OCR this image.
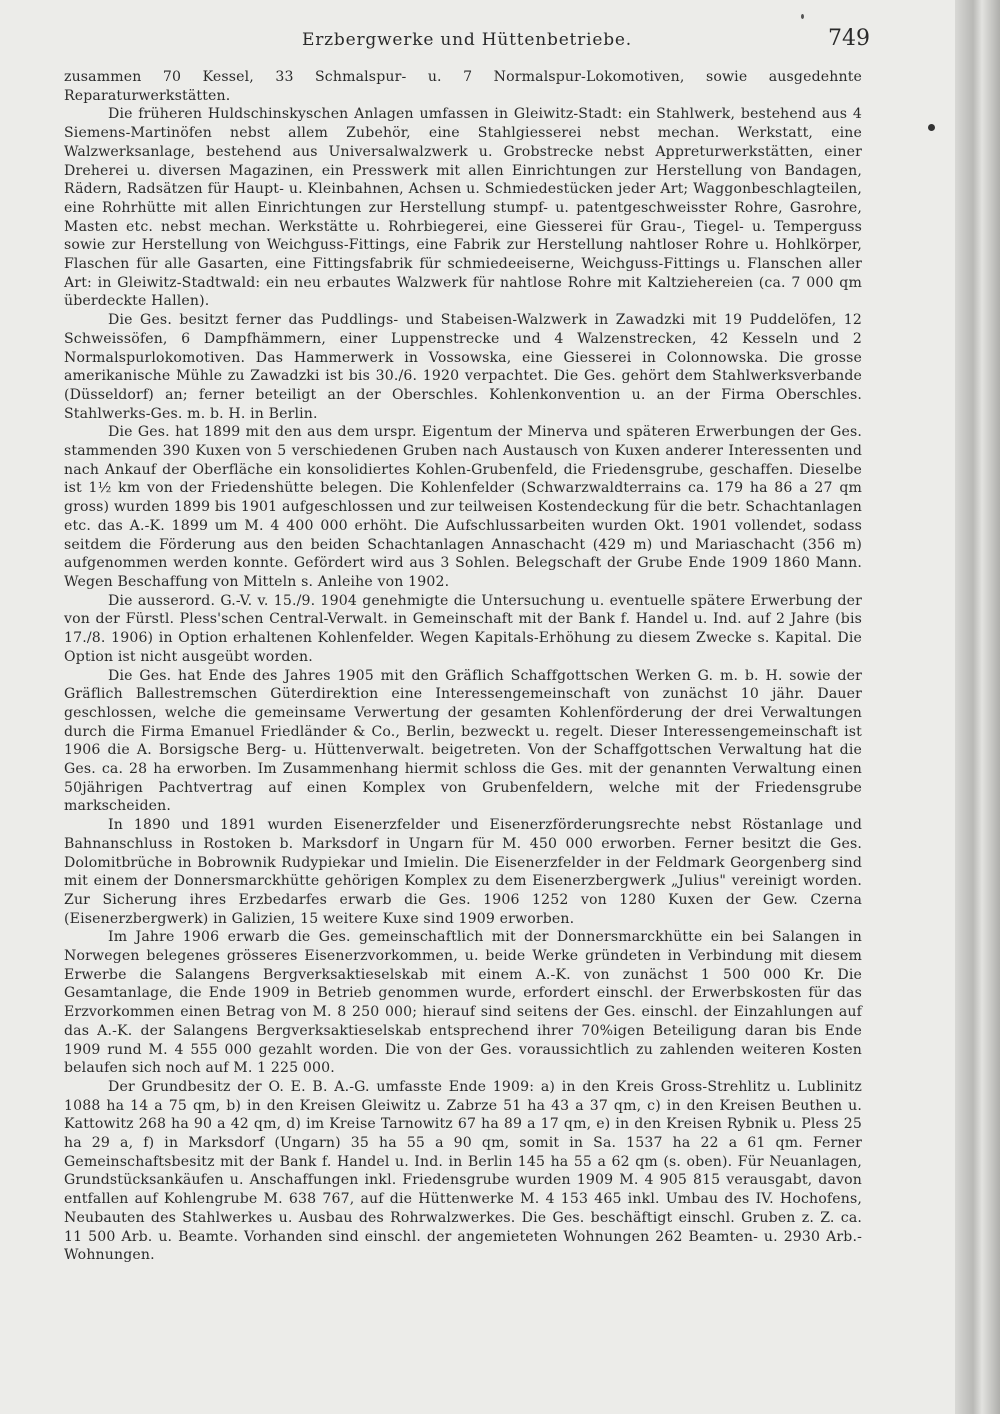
Erzbergwerke und Hüttenbetriebe.	749

zusammen 70 Kessel, 33 Schmalspur- u. 7 Normalspur-Lokomotiven, sowie ausgedehnte Reparaturwerkstätten.

Die früheren Huldschinskyschen Anlagen umfassen in Gleiwitz-Stadt: ein Stahlwerk, bestehend aus 4 Siemens-Martinöfen nebst allem Zubehör, eine Stahlgiesserei nebst mechan. Werkstatt, eine Walzwerksanlage, bestehend aus Universalwalzwerk u. Grobstrecke nebst Appreturwerkstätten, einer Dreherei u. diversen Magazinen, ein Presswerk mit allen Einrichtungen zur Herstellung von Bandagen, Rädern, Radsätzen für Haupt- u. Kleinbahnen, Achsen u. Schmiedestücken jeder Art; Waggonbeschlagteilen, eine Rohrhütte mit allen Einrichtungen zur Herstellung stumpf- u. patentgeschweisster Rohre, Gasrohre, Masten etc. nebst mechan. Werkstätte u. Rohrbiegerei, eine Giesserei für Grau-, Tiegel- u. Temperguss sowie zur Herstellung von Weichguss-Fittings, eine Fabrik zur Herstellung nahtloser Rohre u. Hohlkörper, Flaschen für alle Gasarten, eine Fittingsfabrik für schmiedeeiserne, Weichguss-Fittings u. Flanschen aller Art: in Gleiwitz-Stadtwald: ein neu erbautes Walzwerk für nahtlose Rohre mit Kaltziehereien (ca. 7 000 qm überdeckte Hallen).

Die Ges. besitzt ferner das Puddlings- und Stabeisen-Walzwerk in Zawadzki mit 19 Puddelöfen, 12 Schweissöfen, 6 Dampfhämmern, einer Luppenstrecke und 4 Walzenstrecken, 42 Kesseln und 2 Normalspurlokomotiven. Das Hammerwerk in Vossowska, eine Giesserei in Colonnowska. Die grosse amerikanische Mühle zu Zawadzki ist bis 30./6. 1920 verpachtet. Die Ges. gehört dem Stahlwerksverbande (Düsseldorf) an; ferner beteiligt an der Oberschles. Kohlenkonvention u. an der Firma Oberschles. Stahlwerks-Ges. m. b. H. in Berlin.

Die Ges. hat 1899 mit den aus dem urspr. Eigentum der Minerva und späteren Erwerbungen der Ges. stammenden 390 Kuxen von 5 verschiedenen Gruben nach Austausch von Kuxen anderer Interessenten und nach Ankauf der Oberfläche ein konsolidiertes Kohlen-Grubenfeld, die Friedensgrube, geschaffen. Dieselbe ist 1½ km von der Friedenshütte belegen. Die Kohlenfelder (Schwarzwaldterrains ca. 179 ha 86 a 27 qm gross) wurden 1899 bis 1901 aufgeschlossen und zur teilweisen Kostendeckung für die betr. Schachtanlagen etc. das A.-K. 1899 um M. 4 400 000 erhöht. Die Aufschlussarbeiten wurden Okt. 1901 vollendet, sodass seitdem die Förderung aus den beiden Schachtanlagen Annaschacht (429 m) und Mariaschacht (356 m) aufgenommen werden konnte. Gefördert wird aus 3 Sohlen. Belegschaft der Grube Ende 1909 1860 Mann. Wegen Beschaffung von Mitteln s. Anleihe von 1902.

Die ausserord. G.-V. v. 15./9. 1904 genehmigte die Untersuchung u. eventuelle spätere Erwerbung der von der Fürstl. Pless'schen Central-Verwalt. in Gemeinschaft mit der Bank f. Handel u. Ind. auf 2 Jahre (bis 17./8. 1906) in Option erhaltenen Kohlenfelder. Wegen Kapitals-Erhöhung zu diesem Zwecke s. Kapital. Die Option ist nicht ausgeübt worden.

Die Ges. hat Ende des Jahres 1905 mit den Gräflich Schaffgottschen Werken G. m. b. H. sowie der Gräflich Ballestremschen Güterdirektion eine Interessengemeinschaft von zunächst 10 jähr. Dauer geschlossen, welche die gemeinsame Verwertung der gesamten Kohlenförderung der drei Verwaltungen durch die Firma Emanuel Friedländer & Co., Berlin, bezweckt u. regelt. Dieser Interessengemeinschaft ist 1906 die A. Borsigsche Berg- u. Hüttenverwalt. beigetreten. Von der Schaffgottschen Verwaltung hat die Ges. ca. 28 ha erworben. Im Zusammenhang hiermit schloss die Ges. mit der genannten Verwaltung einen 50jährigen Pachtvertrag auf einen Komplex von Grubenfeldern, welche mit der Friedensgrube markscheiden.

In 1890 und 1891 wurden Eisenerzfelder und Eisenerzförderungsrechte nebst Röstanlage und Bahnanschluss in Rostoken b. Marksdorf in Ungarn für M. 450 000 erworben. Ferner besitzt die Ges. Dolomitbrüche in Bobrownik Rudypiekar und Imielin. Die Eisenerzfelder in der Feldmark Georgenberg sind mit einem der Donnersmarckhütte gehörigen Komplex zu dem Eisenerzbergwerk „Julius" vereinigt worden. Zur Sicherung ihres Erzbedarfes erwarb die Ges. 1906 1252 von 1280 Kuxen der Gew. Czerna (Eisenerzbergwerk) in Galizien, 15 weitere Kuxe sind 1909 erworben.

Im Jahre 1906 erwarb die Ges. gemeinschaftlich mit der Donnersmarckhütte ein bei Salangen in Norwegen belegenes grösseres Eisenerzvorkommen, u. beide Werke gründeten in Verbindung mit diesem Erwerbe die Salangens Bergverksaktieselskab mit einem A.-K. von zunächst 1 500 000 Kr. Die Gesamtanlage, die Ende 1909 in Betrieb genommen wurde, erfordert einschl. der Erwerbskosten für das Erzvorkommen einen Betrag von M. 8 250 000; hierauf sind seitens der Ges. einschl. der Einzahlungen auf das A.-K. der Salangens Bergverksaktieselskab entsprechend ihrer 70%igen Beteiligung daran bis Ende 1909 rund M. 4 555 000 gezahlt worden. Die von der Ges. voraussichtlich zu zahlenden weiteren Kosten belaufen sich noch auf M. 1 225 000.

Der Grundbesitz der O. E. B. A.-G. umfasste Ende 1909: a) in den Kreis Gross-Strehlitz u. Lublinitz 1088 ha 14 a 75 qm, b) in den Kreisen Gleiwitz u. Zabrze 51 ha 43 a 37 qm, c) in den Kreisen Beuthen u. Kattowitz 268 ha 90 a 42 qm, d) im Kreise Tarnowitz 67 ha 89 a 17 qm, e) in den Kreisen Rybnik u. Pless 25 ha 29 a, f) in Marksdorf (Ungarn) 35 ha 55 a 90 qm, somit in Sa. 1537 ha 22 a 61 qm. Ferner Gemeinschaftsbesitz mit der Bank f. Handel u. Ind. in Berlin 145 ha 55 a 62 qm (s. oben). Für Neuanlagen, Grundstücksankäufen u. Anschaffungen inkl. Friedensgrube wurden 1909 M. 4 905 815 verausgabt, davon entfallen auf Kohlengrube M. 638 767, auf die Hüttenwerke M. 4 153 465 inkl. Umbau des IV. Hochofens, Neubauten des Stahlwerkes u. Ausbau des Rohrwalzwerkes. Die Ges. beschäftigt einschl. Gruben z. Z. ca. 11 500 Arb. u. Beamte. Vorhanden sind einschl. der angemieteten Wohnungen 262 Beamten- u. 2930 Arb.-Wohnungen.
